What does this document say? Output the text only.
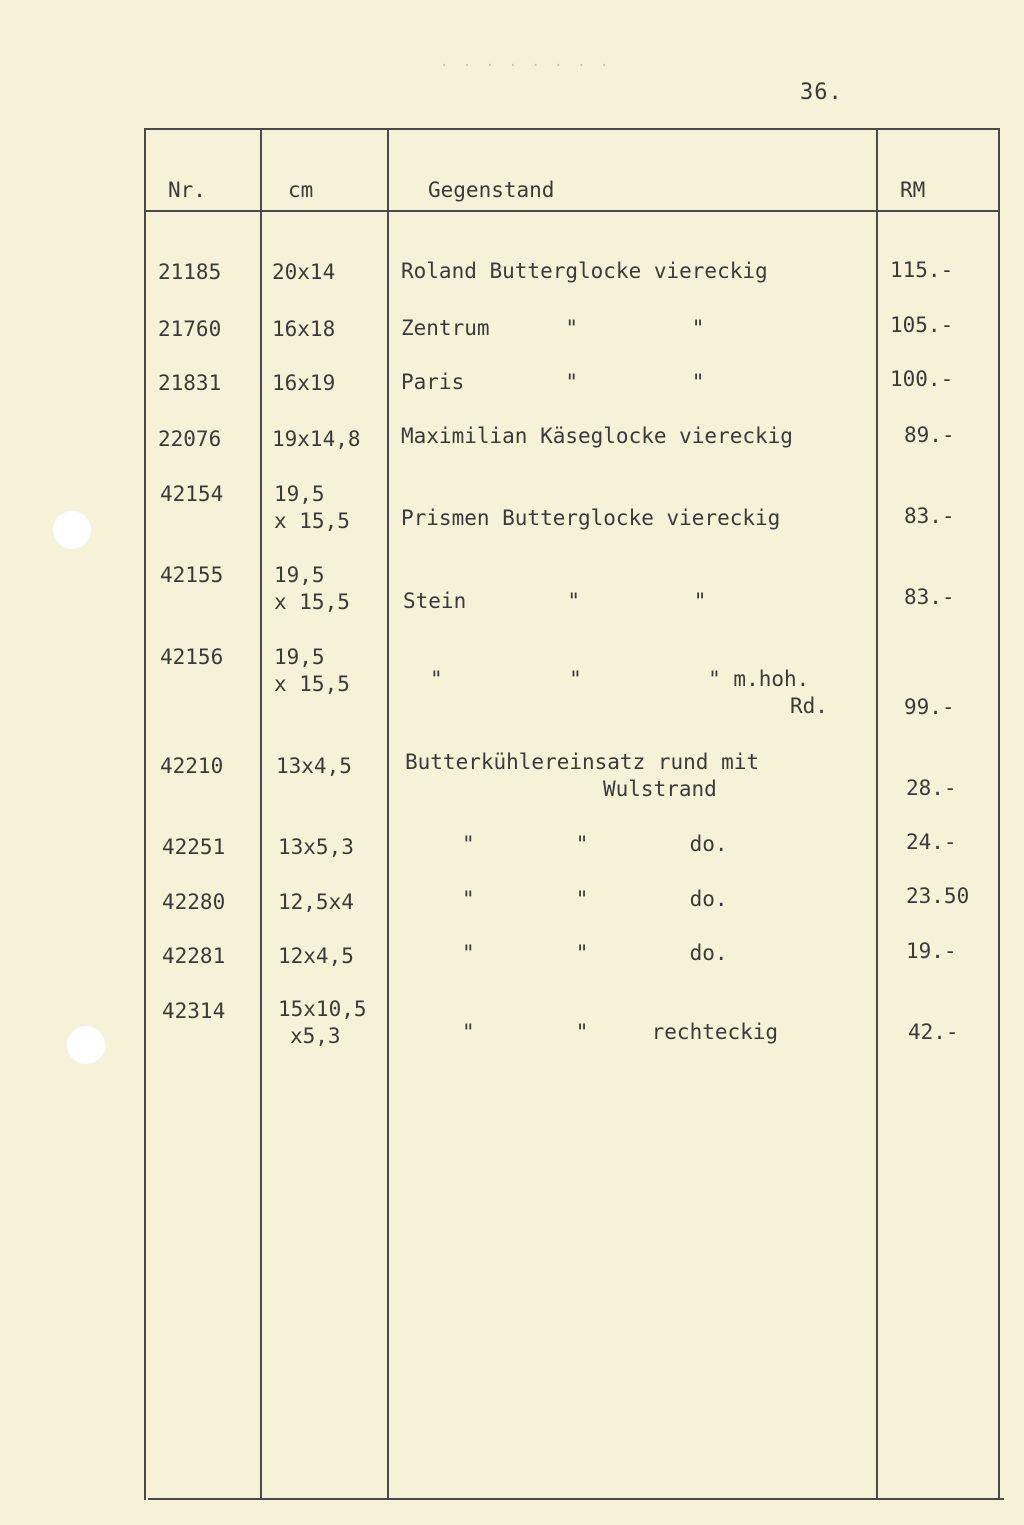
· · · · · · · ·
36.
Nr.	cm	Gegenstand	RM
21185 20x14	Roland Butterglocke viereckig	115.-
21760 16x18	Zentrum      "         "	105.-
21831 16x19	Paris        "         "	100.-
22076 19x14,8 Maximilian Käseglocke viereckig	89.-
42154 19,5
x 15,5 Prismen Butterglocke viereckig	83.-
42155 19,5
x 15,5	Stein        "         "	83.-
42156 19,5
x 15,5	"          "          " m.hoh.
Rd.	99.-
42210	13x4,5	Butterkühlereinsatz rund mit
Wulstrand	28.-
42251	13x5,3	"        "        do.	24.-
42280	12,5x4	"        "        do.	23.50
42281	12x4,5	"        "        do.	19.-
42314	15x10,5
x5,3	"        "     rechteckig	42.-
